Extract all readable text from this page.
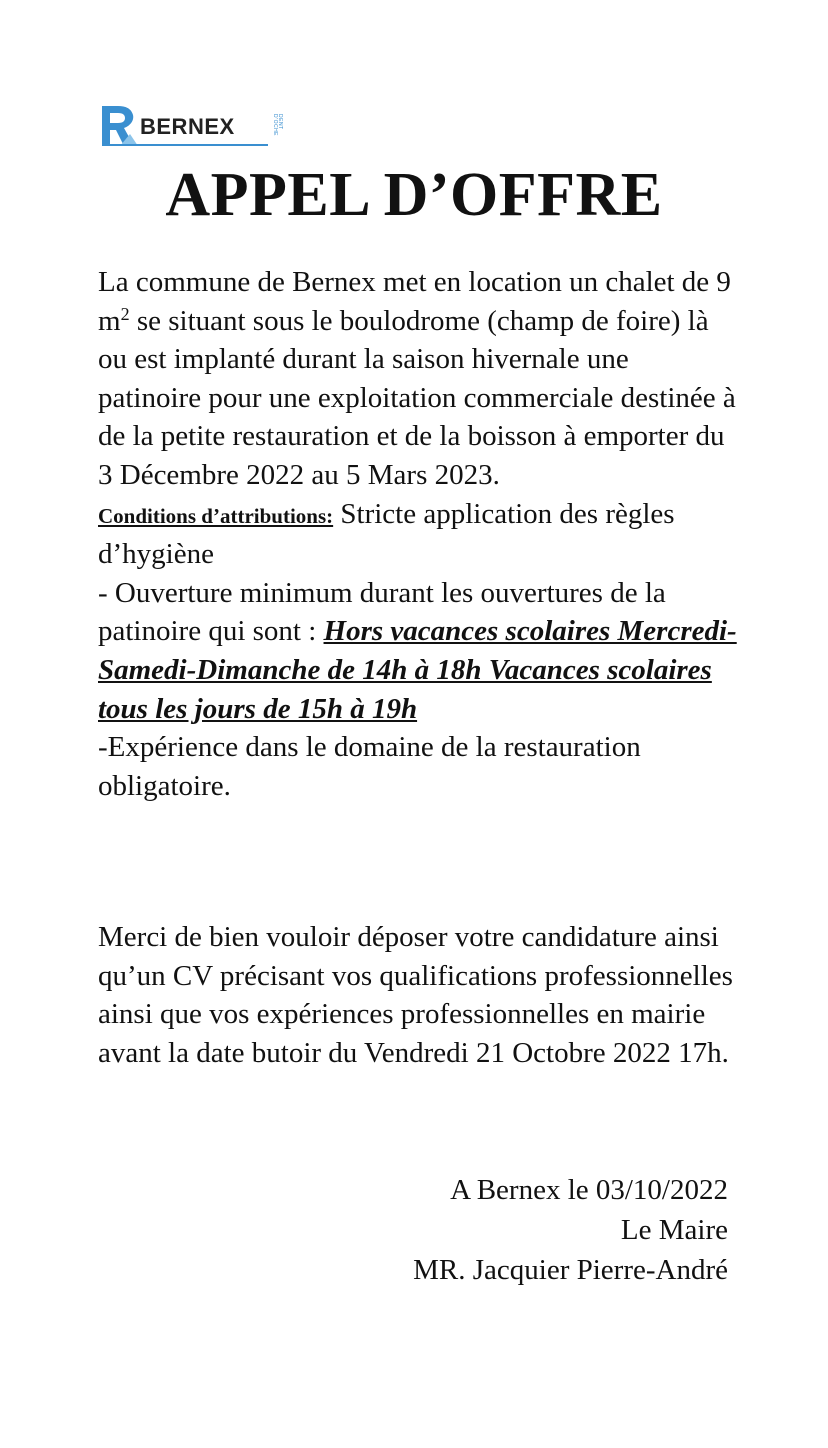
BERNEX	DENT D'OCHE
APPEL D’OFFRE

La commune de Bernex met en location un chalet de 9 $m^2$ se situant sous le boulodrome (champ de foire) là ou est implanté durant la saison hivernale une patinoire pour une exploitation commerciale destinée à de la petite restauration et de la boisson à emporter du 3 Décembre 2022 au 5 Mars 2023.

Conditions d’attributions: Stricte application des règles d’hygiène

- Ouverture minimum durant les ouvertures de la patinoire qui sont : Hors vacances scolaires Mercredi-Samedi-Dimanche de 14h à 18h Vacances scolaires tous les jours de 15h à 19h

-Expérience dans le domaine de la restauration obligatoire.

Merci de bien vouloir déposer votre candidature ainsi qu’un CV précisant vos qualifications professionnelles ainsi que vos expériences professionnelles en mairie avant la date butoir du Vendredi 21 Octobre 2022 17h.

A Bernex le 03/10/2022
Le Maire
MR. Jacquier Pierre-André
